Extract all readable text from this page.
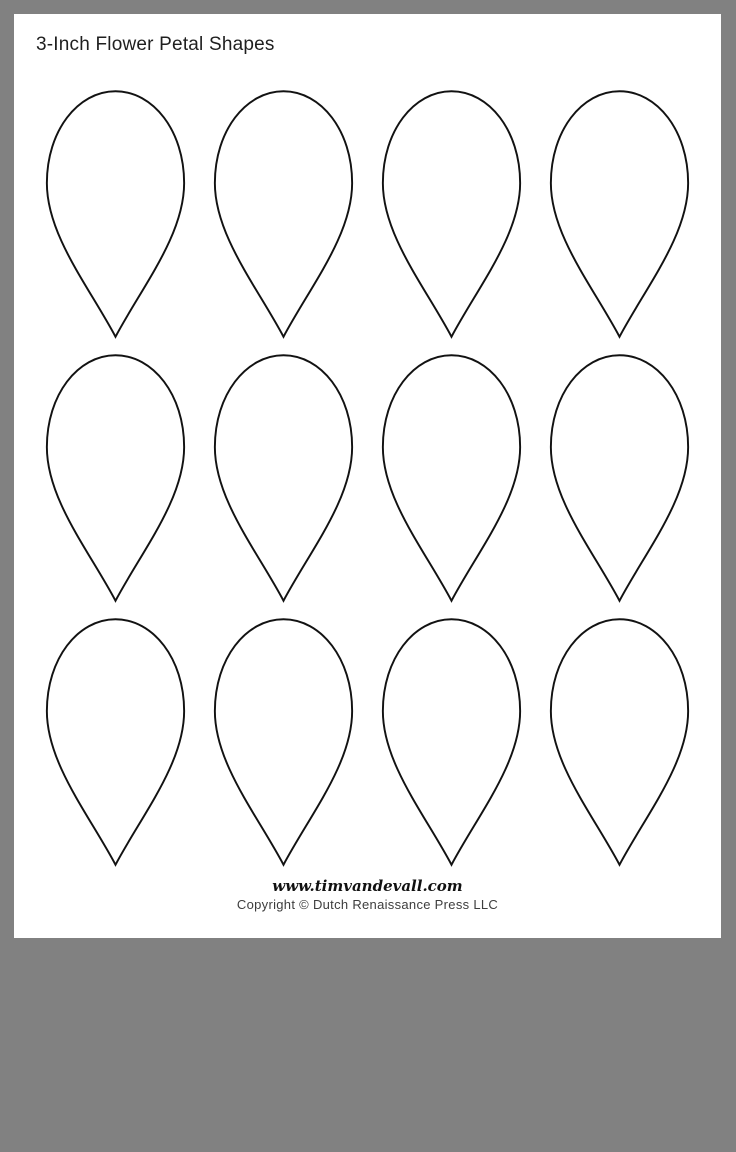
3-Inch Flower Petal Shapes
www.timvandevall.com
Copyright © Dutch Renaissance Press LLC
